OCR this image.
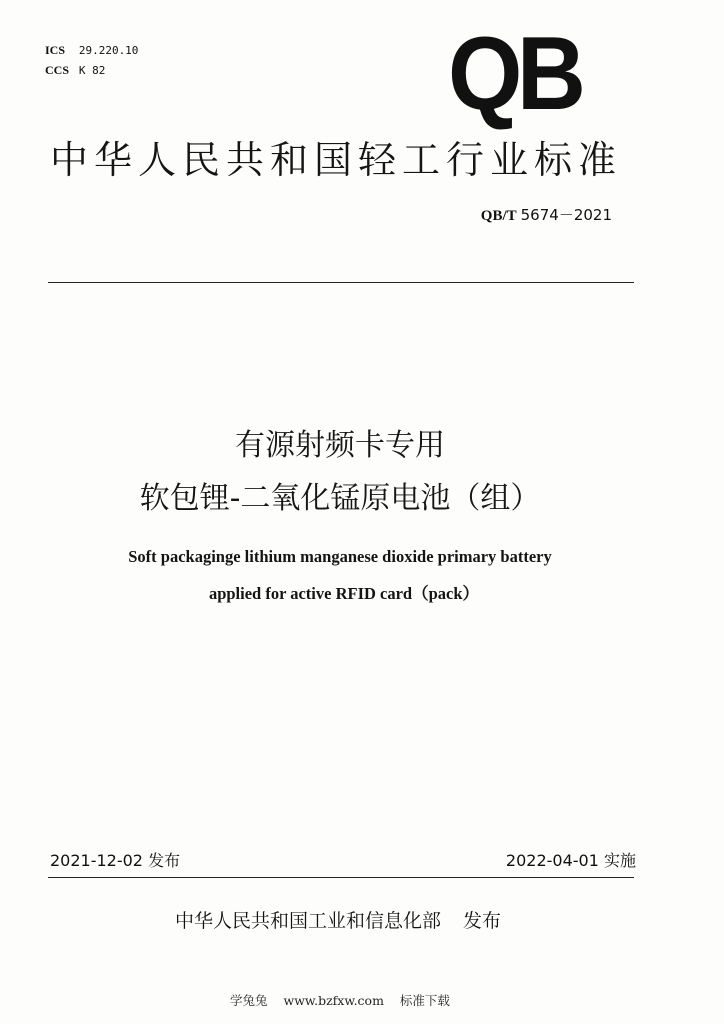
ICS 29.220.10
CCS K 82	QB
中华人民共和国轻工行业标准
QB/T 5674－2021
有源射频卡专用
软包锂-二氧化锰原电池（组）
Soft packaginge lithium manganese dioxide primary battery
applied for active RFID card（pack）
2021-12-02 发布	2022-04-01 实施
中华人民共和国工业和信息化部 发布
学兔兔 www.bzfxw.com 标准下载
